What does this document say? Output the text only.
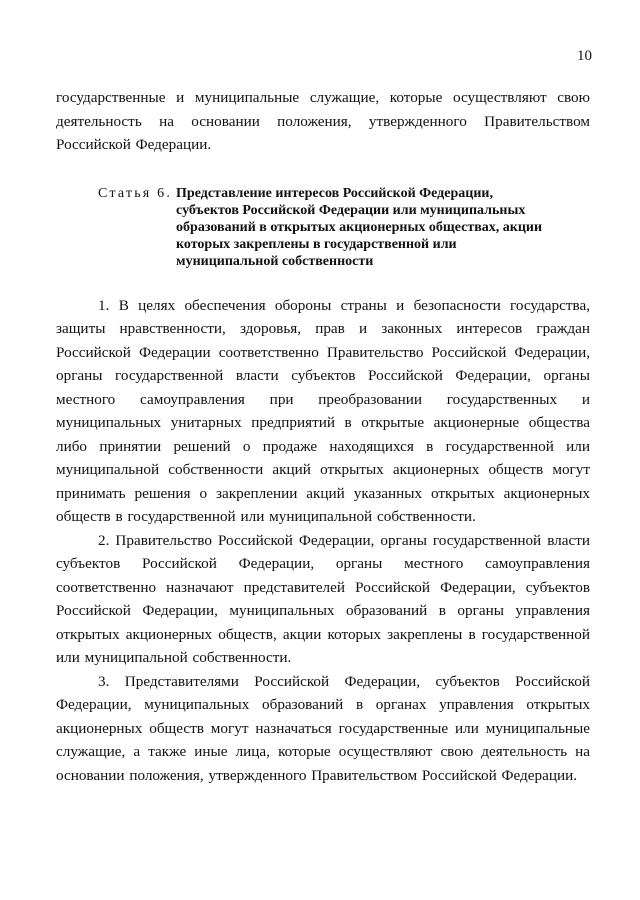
10

государственные и муниципальные служащие, которые осуществляют свою деятельность на основании положения, утвержденного Правительством Российской Федерации.

Статья 6. Представление интересов Российской Федерации, субъектов Российской Федерации или муниципальных образований в открытых акционерных обществах, акции которых закреплены в государственной или муниципальной собственности

1. В целях обеспечения обороны страны и безопасности государства, защиты нравственности, здоровья, прав и законных интересов граждан Российской Федерации соответственно Правительство Российской Федерации, органы государственной власти субъектов Российской Федерации, органы местного самоуправления при преобразовании государственных и муниципальных унитарных предприятий в открытые акционерные общества либо принятии решений о продаже находящихся в государственной или муниципальной собственности акций открытых акционерных обществ могут принимать решения о закреплении акций указанных открытых акционерных обществ в государственной или муниципальной собственности.

2. Правительство Российской Федерации, органы государственной власти субъектов Российской Федерации, органы местного самоуправления соответственно назначают представителей Российской Федерации, субъектов Российской Федерации, муниципальных образований в органы управления открытых акционерных обществ, акции которых закреплены в государственной или муниципальной собственности.

3. Представителями Российской Федерации, субъектов Российской Федерации, муниципальных образований в органах управления открытых акционерных обществ могут назначаться государственные или муниципальные служащие, а также иные лица, которые осуществляют свою деятельность на основании положения, утвержденного Правительством Российской Федерации.
